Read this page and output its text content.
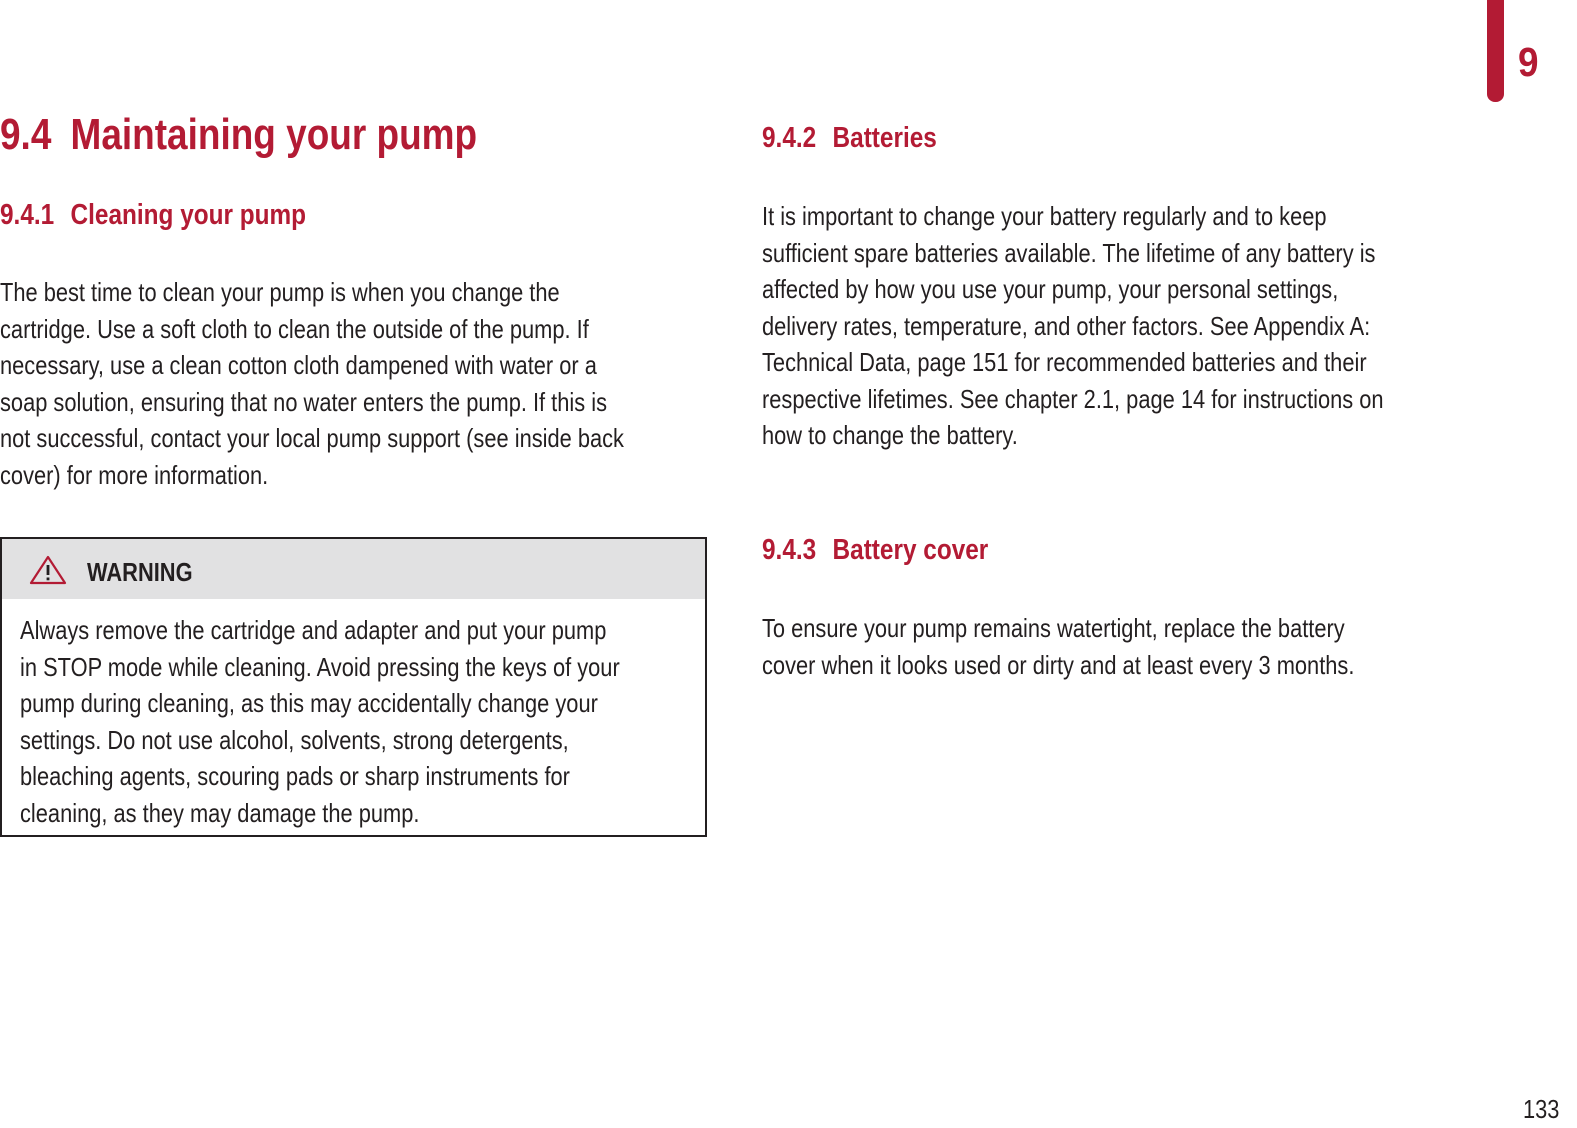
9
9.4 Maintaining your pump
9.4.1 Cleaning your pump
The best time to clean your pump is when you change the
cartridge. Use a soft cloth to clean the outside of the pump. If
necessary, use a clean cotton cloth dampened with water or a
soap solution, ensuring that no water enters the pump. If this is
not successful, contact your local pump support (see inside back
cover) for more information.
WARNING
Always remove the cartridge and adapter and put your pump
in STOP mode while cleaning. Avoid pressing the keys of your
pump during cleaning, as this may accidentally change your
settings. Do not use alcohol, solvents, strong detergents,
bleaching agents, scouring pads or sharp instruments for
cleaning, as they may damage the pump.
9.4.2 Batteries
It is important to change your battery regularly and to keep
sufficient spare batteries available. The lifetime of any battery is
affected by how you use your pump, your personal settings,
delivery rates, temperature, and other factors. See Appendix A:
Technical Data, page 151 for recommended batteries and their
respective lifetimes. See chapter 2.1, page 14 for instructions on
how to change the battery.
9.4.3 Battery cover
To ensure your pump remains watertight, replace the battery
cover when it looks used or dirty and at least every 3 months.
133
